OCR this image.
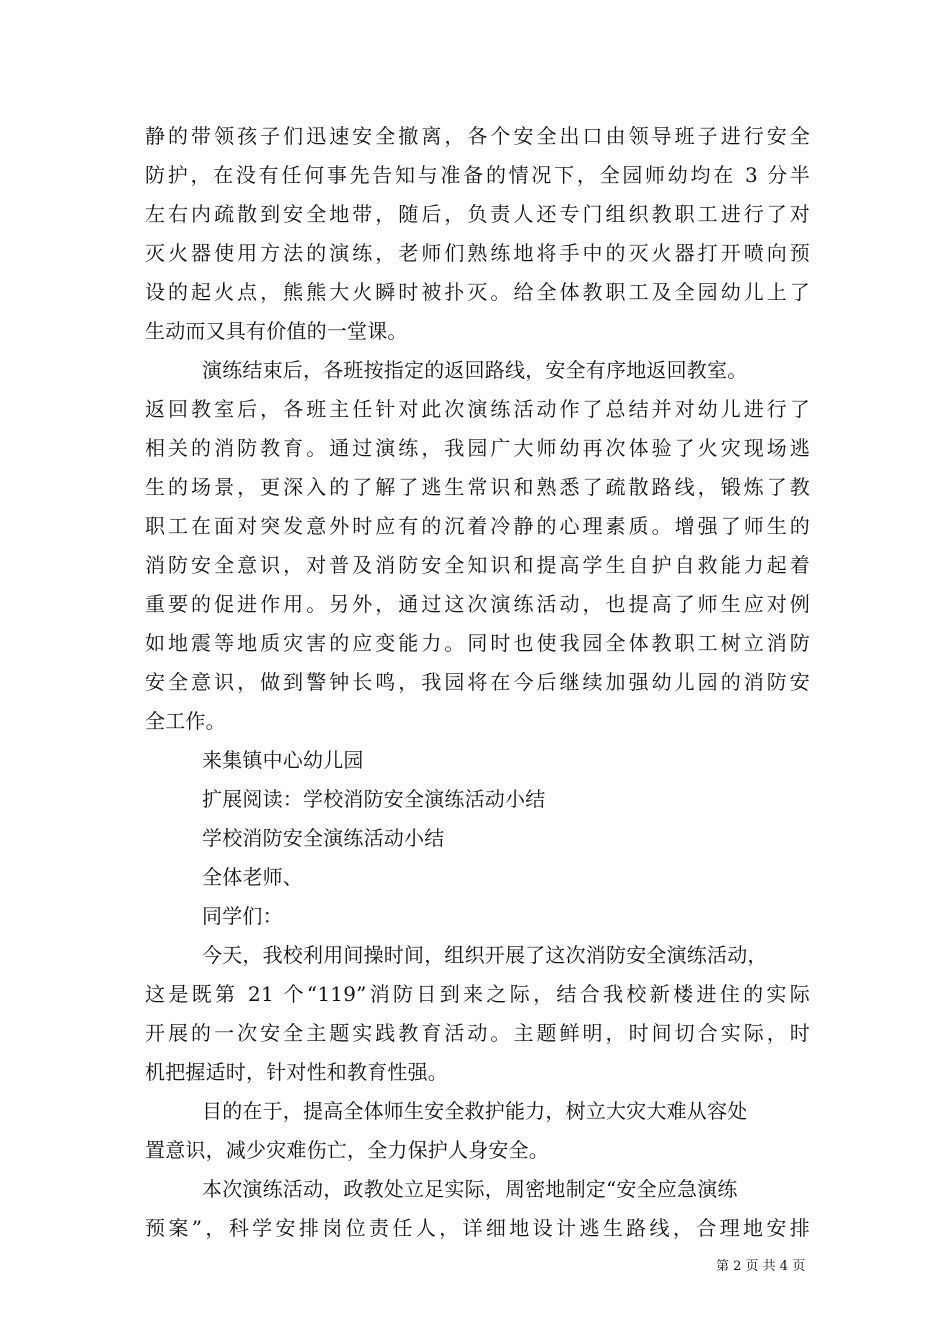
静的带领孩子们迅速安全撤离，各个安全出口由领导班子进行安全
防护，在没有任何事先告知与准备的情况下，全园师幼均在 3 分半
左右内疏散到安全地带，随后，负责人还专门组织教职工进行了对
灭火器使用方法的演练，老师们熟练地将手中的灭火器打开喷向预
设的起火点，熊熊大火瞬时被扑灭。给全体教职工及全园幼儿上了
生动而又具有价值的一堂课。
演练结束后，各班按指定的返回路线，安全有序地返回教室。
返回教室后，各班主任针对此次演练活动作了总结并对幼儿进行了
相关的消防教育。通过演练，我园广大师幼再次体验了火灾现场逃
生的场景，更深入的了解了逃生常识和熟悉了疏散路线，锻炼了教
职工在面对突发意外时应有的沉着冷静的心理素质。增强了师生的
消防安全意识，对普及消防安全知识和提高学生自护自救能力起着
重要的促进作用。另外，通过这次演练活动，也提高了师生应对例
如地震等地质灾害的应变能力。同时也使我园全体教职工树立消防
安全意识，做到警钟长鸣，我园将在今后继续加强幼儿园的消防安
全工作。
来集镇中心幼儿园
扩展阅读：学校消防安全演练活动小结
学校消防安全演练活动小结
全体老师、
同学们：
今天，我校利用间操时间，组织开展了这次消防安全演练活动，
这是既第 21 个“119”消防日到来之际，结合我校新楼进住的实际
开展的一次安全主题实践教育活动。主题鲜明，时间切合实际，时
机把握适时，针对性和教育性强。
目的在于，提高全体师生安全救护能力，树立大灾大难从容处
置意识，减少灾难伤亡，全力保护人身安全。
本次演练活动，政教处立足实际，周密地制定“安全应急演练
预案”，科学安排岗位责任人，详细地设计逃生路线，合理地安排
第 2 页 共 4 页
